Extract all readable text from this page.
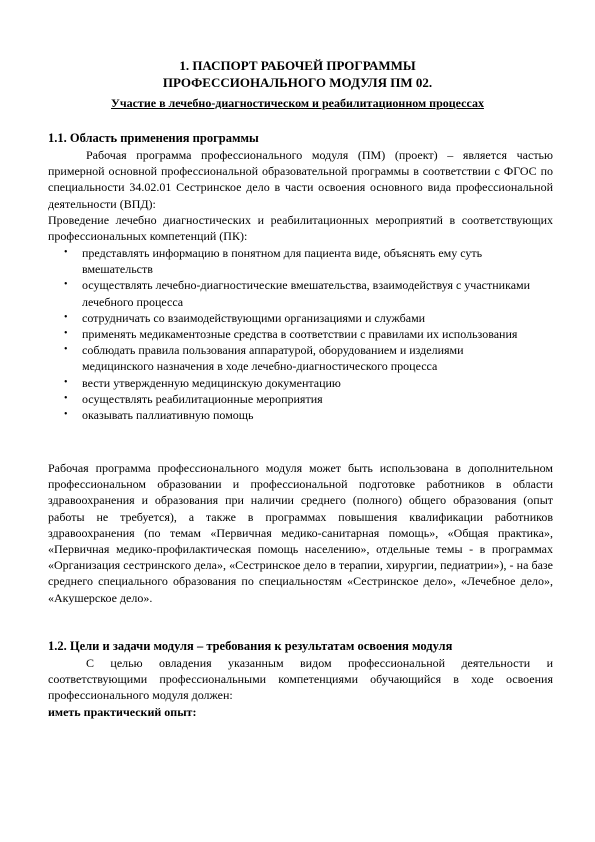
1. ПАСПОРТ РАБОЧЕЙ ПРОГРАММЫ
ПРОФЕССИОНАЛЬНОГО МОДУЛЯ ПМ 02.
Участие в лечебно-диагностическом и реабилитационном процессах
1.1. Область применения программы
Рабочая программа профессионального модуля (ПМ) (проект) – является частью примерной основной профессиональной образовательной программы в соответствии с ФГОС по специальности 34.02.01 Сестринское дело в части освоения основного вида профессиональной деятельности (ВПД):
Проведение лечебно диагностических и реабилитационных мероприятий в соответствующих профессиональных компетенций (ПК):
• представлять информацию в понятном для пациента виде, объяснять ему суть вмешательств
• осуществлять лечебно-диагностические вмешательства, взаимодействуя с участниками лечебного процесса
• сотрудничать со взаимодействующими организациями и службами
• применять медикаментозные средства в соответствии с правилами их использования
• соблюдать правила пользования аппаратурой, оборудованием и изделиями медицинского назначения в ходе лечебно-диагностического процесса
• вести утвержденную медицинскую документацию
• осуществлять реабилитационные мероприятия
• оказывать паллиативную помощь
Рабочая программа профессионального модуля может быть использована в дополнительном профессиональном образовании и профессиональной подготовке работников в области здравоохранения и образования при наличии среднего (полного) общего образования (опыт работы не требуется), а также в программах повышения квалификации работников здравоохранения (по темам «Первичная медико-санитарная помощь», «Общая практика», «Первичная медико-профилактическая помощь населению», отдельные темы - в программах «Организация сестринского дела», «Сестринское дело в терапии, хирургии, педиатрии»), - на базе среднего специального образования по специальностям «Сестринское дело», «Лечебное дело», «Акушерское дело».
1.2. Цели и задачи модуля – требования к результатам освоения модуля
С целью овладения указанным видом профессиональной деятельности и соответствующими профессиональными компетенциями обучающийся в ходе освоения профессионального модуля должен:
иметь практический опыт:
